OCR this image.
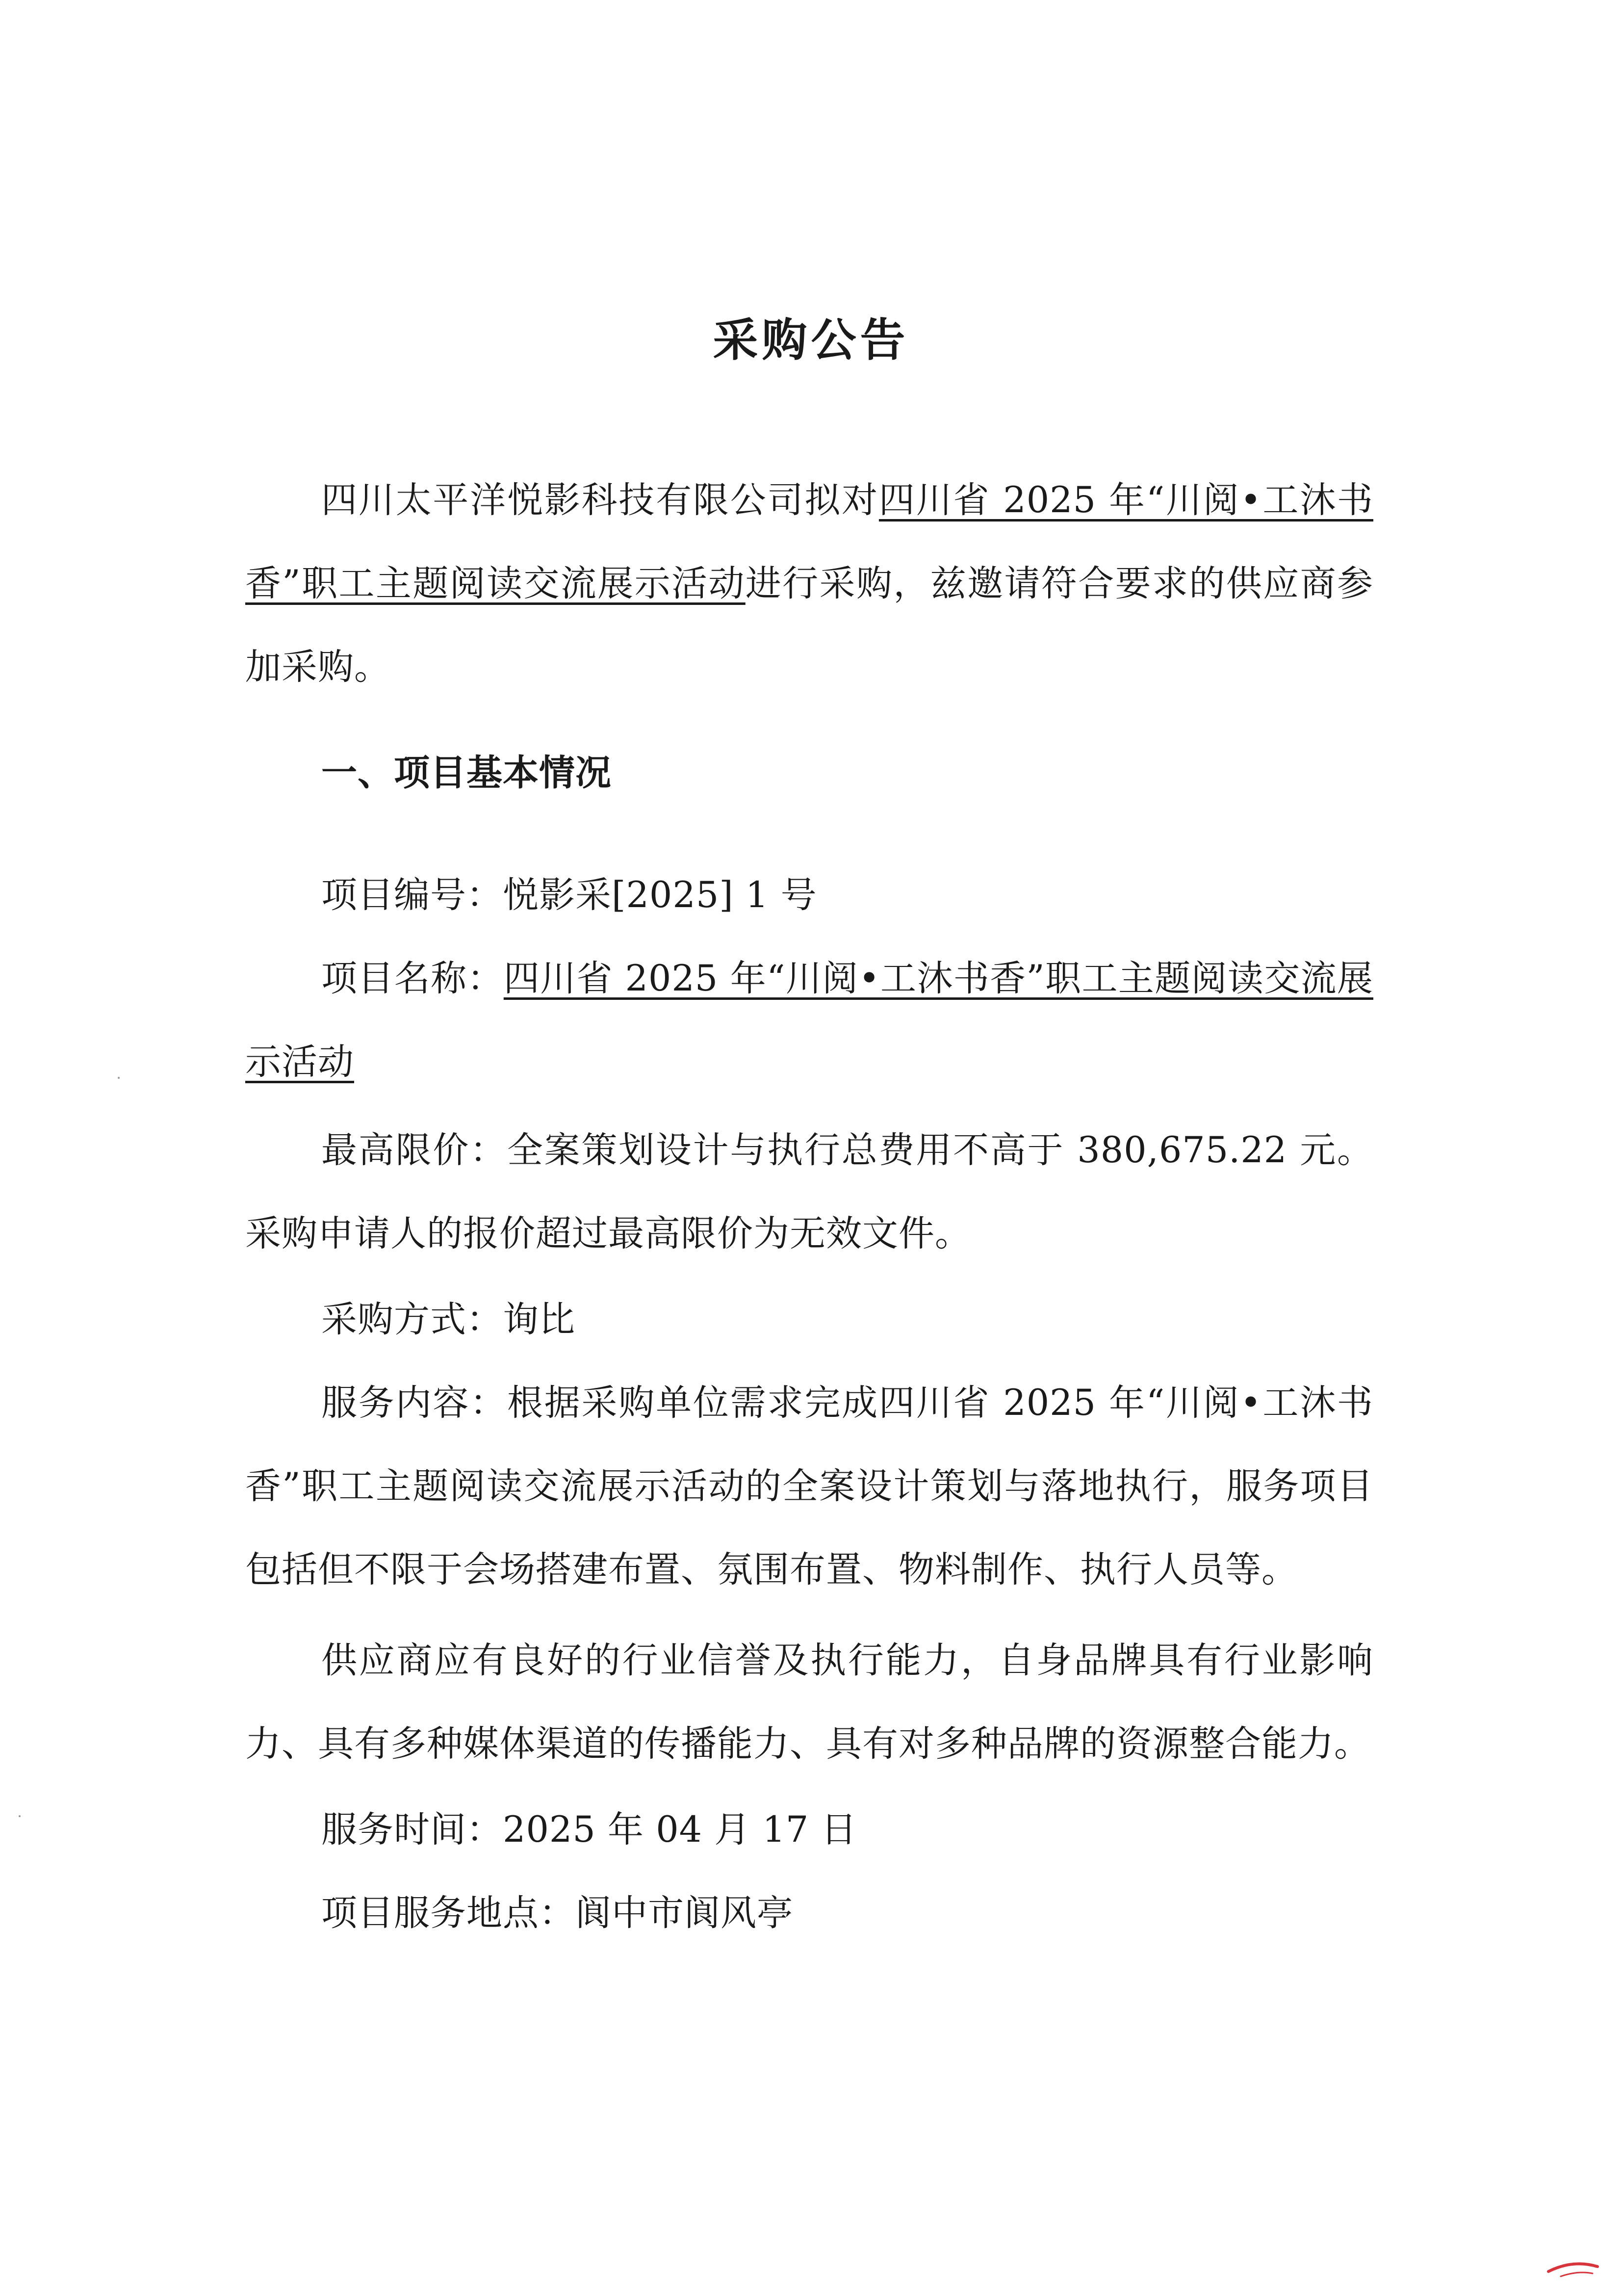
采购公告
四川太平洋悦影科技有限公司拟对四川省 2025 年“川阅•工沐书香”职工主题阅读交流展示活动进行采购，兹邀请符合要求的供应商参加采购。
一、项目基本情况
项目编号：悦影采[2025] 1 号
项目名称：四川省 2025 年“川阅•工沐书香”职工主题阅读交流展示活动
最高限价：全案策划设计与执行总费用不高于 380,675.22 元。采购申请人的报价超过最高限价为无效文件。
采购方式：询比
服务内容：根据采购单位需求完成四川省 2025 年“川阅•工沐书香”职工主题阅读交流展示活动的全案设计策划与落地执行，服务项目包括但不限于会场搭建布置、氛围布置、物料制作、执行人员等。
供应商应有良好的行业信誉及执行能力，自身品牌具有行业影响力、具有多种媒体渠道的传播能力、具有对多种品牌的资源整合能力。
服务时间：2025 年 04 月 17 日
项目服务地点：阆中市阆风亭
